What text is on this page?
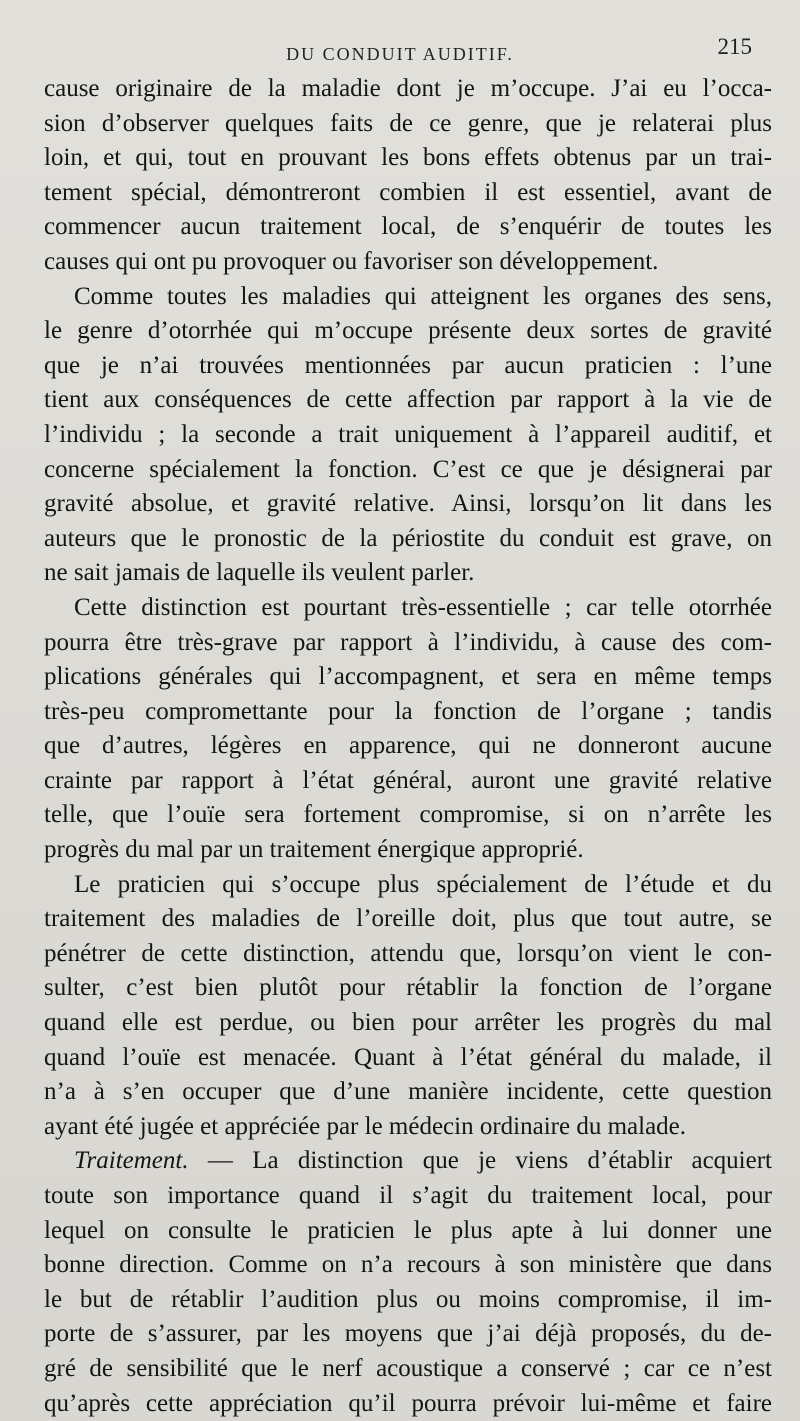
DU CONDUIT AUDITIF.	215
cause originaire de la maladie dont je m’occupe. J’ai eu l’occa-
sion d’observer quelques faits de ce genre, que je relaterai plus
loin, et qui, tout en prouvant les bons effets obtenus par un trai-
tement spécial, démontreront combien il est essentiel, avant de
commencer aucun traitement local, de s’enquérir de toutes les
causes qui ont pu provoquer ou favoriser son développement.
Comme toutes les maladies qui atteignent les organes des sens,
le genre d’otorrhée qui m’occupe présente deux sortes de gravité
que je n’ai trouvées mentionnées par aucun praticien : l’une
tient aux conséquences de cette affection par rapport à la vie de
l’individu ; la seconde a trait uniquement à l’appareil auditif, et
concerne spécialement la fonction. C’est ce que je désignerai par
gravité absolue, et gravité relative. Ainsi, lorsqu’on lit dans les
auteurs que le pronostic de la périostite du conduit est grave, on
ne sait jamais de laquelle ils veulent parler.
Cette distinction est pourtant très-essentielle ; car telle otorrhée
pourra être très-grave par rapport à l’individu, à cause des com-
plications générales qui l’accompagnent, et sera en même temps
très-peu compromettante pour la fonction de l’organe ; tandis
que d’autres, légères en apparence, qui ne donneront aucune
crainte par rapport à l’état général, auront une gravité relative
telle, que l’ouïe sera fortement compromise, si on n’arrête les
progrès du mal par un traitement énergique approprié.
Le praticien qui s’occupe plus spécialement de l’étude et du
traitement des maladies de l’oreille doit, plus que tout autre, se
pénétrer de cette distinction, attendu que, lorsqu’on vient le con-
sulter, c’est bien plutôt pour rétablir la fonction de l’organe
quand elle est perdue, ou bien pour arrêter les progrès du mal
quand l’ouïe est menacée. Quant à l’état général du malade, il
n’a à s’en occuper que d’une manière incidente, cette question
ayant été jugée et appréciée par le médecin ordinaire du malade.
Traitement. — La distinction que je viens d’établir acquiert
toute son importance quand il s’agit du traitement local, pour
lequel on consulte le praticien le plus apte à lui donner une
bonne direction. Comme on n’a recours à son ministère que dans
le but de rétablir l’audition plus ou moins compromise, il im-
porte de s’assurer, par les moyens que j’ai déjà proposés, du de-
gré de sensibilité que le nerf acoustique a conservé ; car ce n’est
qu’après cette appréciation qu’il pourra prévoir lui-même et faire
